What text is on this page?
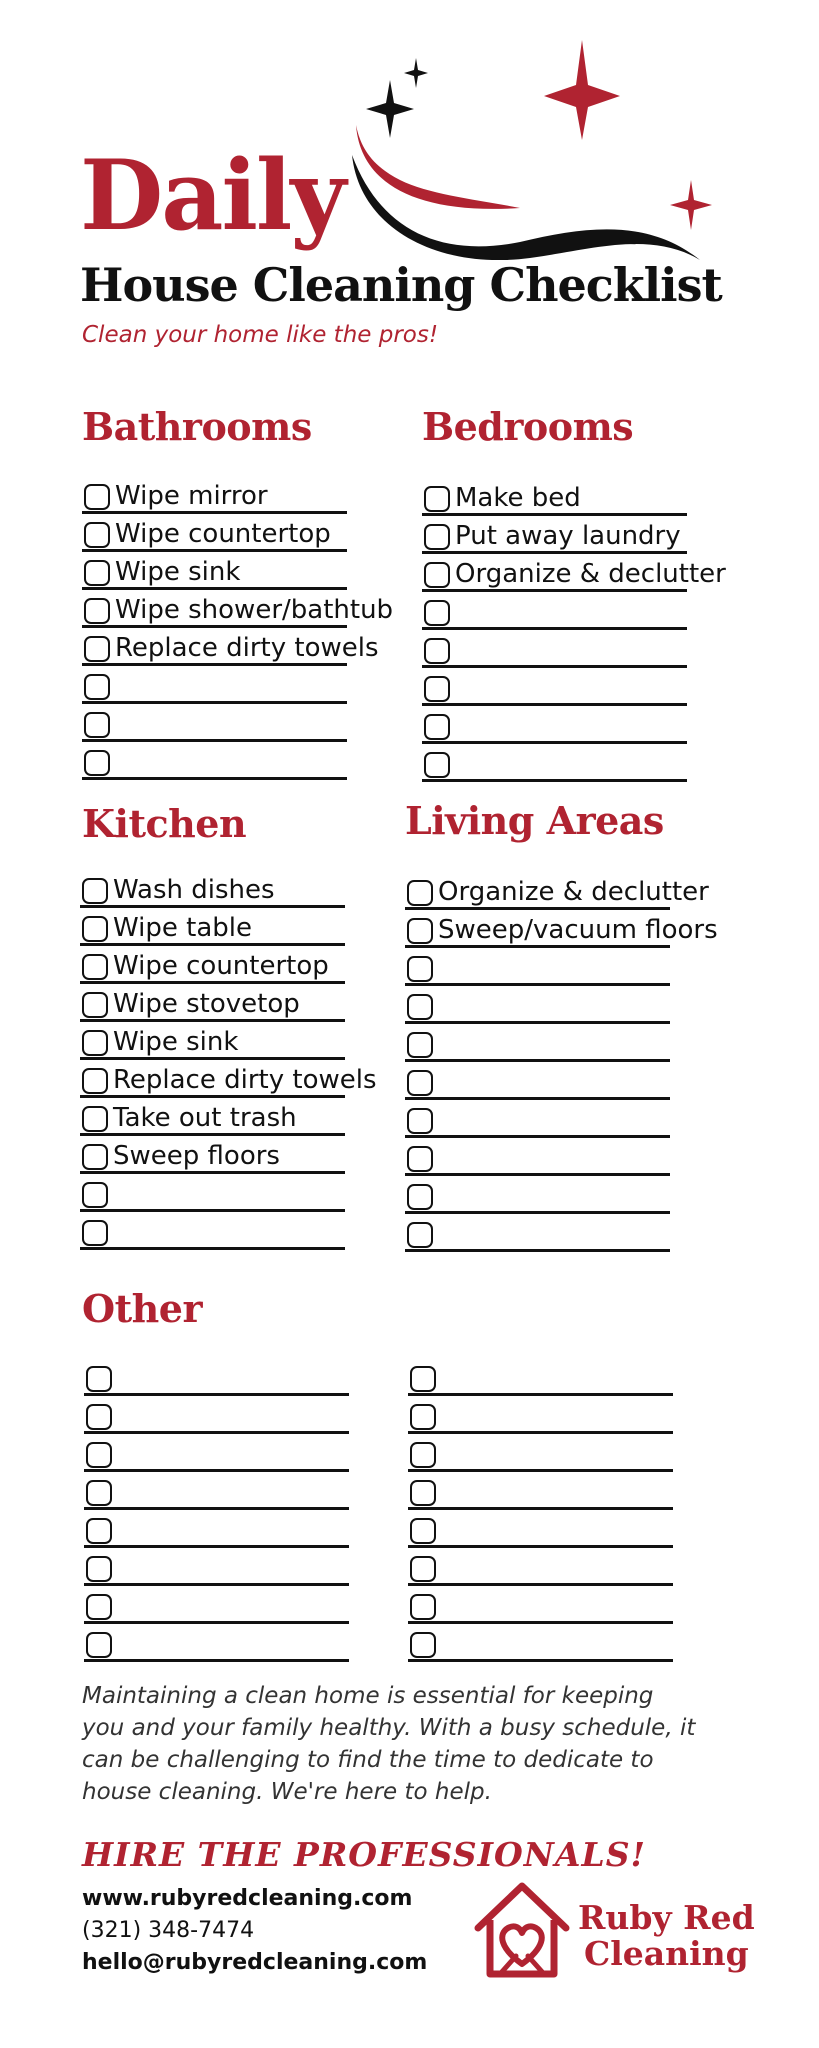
Daily
House Cleaning Checklist
Clean your home like the pros!
Bathrooms
Wipe mirror
Wipe countertop
Wipe sink
Wipe shower/bathtub
Replace dirty towels
Bedrooms
Make bed
Put away laundry
Organize & declutter
Kitchen
Wash dishes
Wipe table
Wipe countertop
Wipe stovetop
Wipe sink
Replace dirty towels
Take out trash
Sweep floors
Living Areas
Organize & declutter
Sweep/vacuum floors
Other
Maintaining a clean home is essential for keeping you and your family healthy. With a busy schedule, it can be challenging to find the time to dedicate to house cleaning. We're here to help.
HIRE THE PROFESSIONALS!
www.rubyredcleaning.com
(321) 348-7474
hello@rubyredcleaning.com
Ruby Red
Cleaning
